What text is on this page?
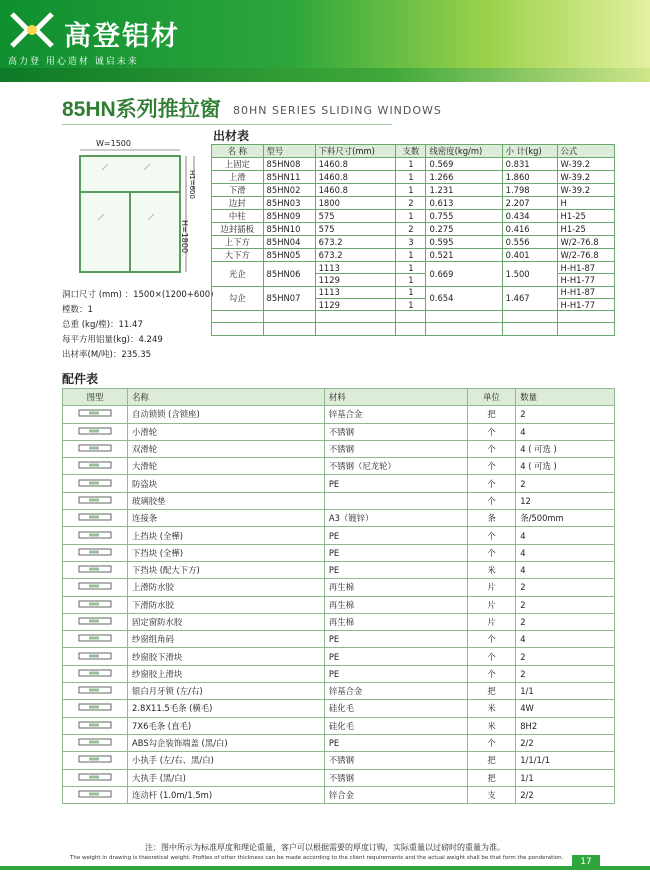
高登铝材
高力登 用心造材 诚启未来
85HN系列推拉窗 80HN SERIES SLIDING WINDOWS
W=1500
H1=600
H=1800
洞口尺寸 (mm) ：1500×(1200+600)
樘数：1
总重 (kg/樘)：11.47
每平方用铝量(kg)：4.249
出材率(M/吨)：235.35
出材表
名 称	型号	下料尺寸(mm)	支数	线密度(kg/m)	小 计(kg)	公式
上固定	85HN08	1460.8	1	0.569	0.831	W-39.2
上滑	85HN11	1460.8	1	1.266	1.860	W-39.2
下滑	85HN02	1460.8	1	1.231	1.798	W-39.2
边封	85HN03	1800	2	0.613	2.207	H
中柱	85HN09	575	1	0.755	0.434	H1-25
边封插板	85HN10	575	2	0.275	0.416	H1-25
上下方	85HN04	673.2	3	0.595	0.556	W/2-76.8
大下方	85HN05	673.2	1	0.521	0.401	W/2-76.8
光企	85HN06	1113	1	0.669	1.500	H-H1-87
		1129	1			H-H1-77
勾企	85HN07	1113	1	0.654	1.467	H-H1-87
		1129	1			H-H1-77

配件表
图型	名称	材料	单位	数量
	自动锁锁 (含锁座)	锌基合金	把	2
	小滑轮	不锈钢	个	4
	双滑轮	不锈钢	个	4 ( 可选 )
	大滑轮	不锈钢（尼龙轮）	个	4 ( 可选 )
	防盗块	PE	个	2
	玻璃胶垫		个	12
	连接条	A3（镀锌）	条	条/500mm
	上挡块 (全樺)	PE	个	4
	下挡块 (全樺)	PE	个	4
	下挡块 (配大下方)	PE	米	4
	上滑防水胶	再生棉	片	2
	下滑防水胶	再生棉	片	2
	固定窗防水胶	再生棉	片	2
	纱窗组角码	PE	个	4
	纱窗胶下滑块	PE	个	2
	纱窗胶上滑块	PE	个	2
	银白月牙锁 (左/右)	锌基合金	把	1/1
	2.8X11.5毛条 (横毛)	硅化毛	米	4W
	7X6毛条 (直毛)	硅化毛	米	8H2
	ABS勾企装饰端盖 (黑/白)	PE	个	2/2
	小执手 (左/右、黑/白)	不锈钢	把	1/1/1/1
	大执手 (黑/白)	不锈钢	把	1/1
	连动杆 (1.0m/1.5m)	锌合金	支	2/2
注：图中所示为标准厚度和理论重量，客户可以根据需要的厚度订购，实际重量以过磅时的重量为准。
The weight in drawing is theoretical weight. Profiles of other thickness can be made according to the client requirements and the actual weight shall be that form the ponderation.	17
